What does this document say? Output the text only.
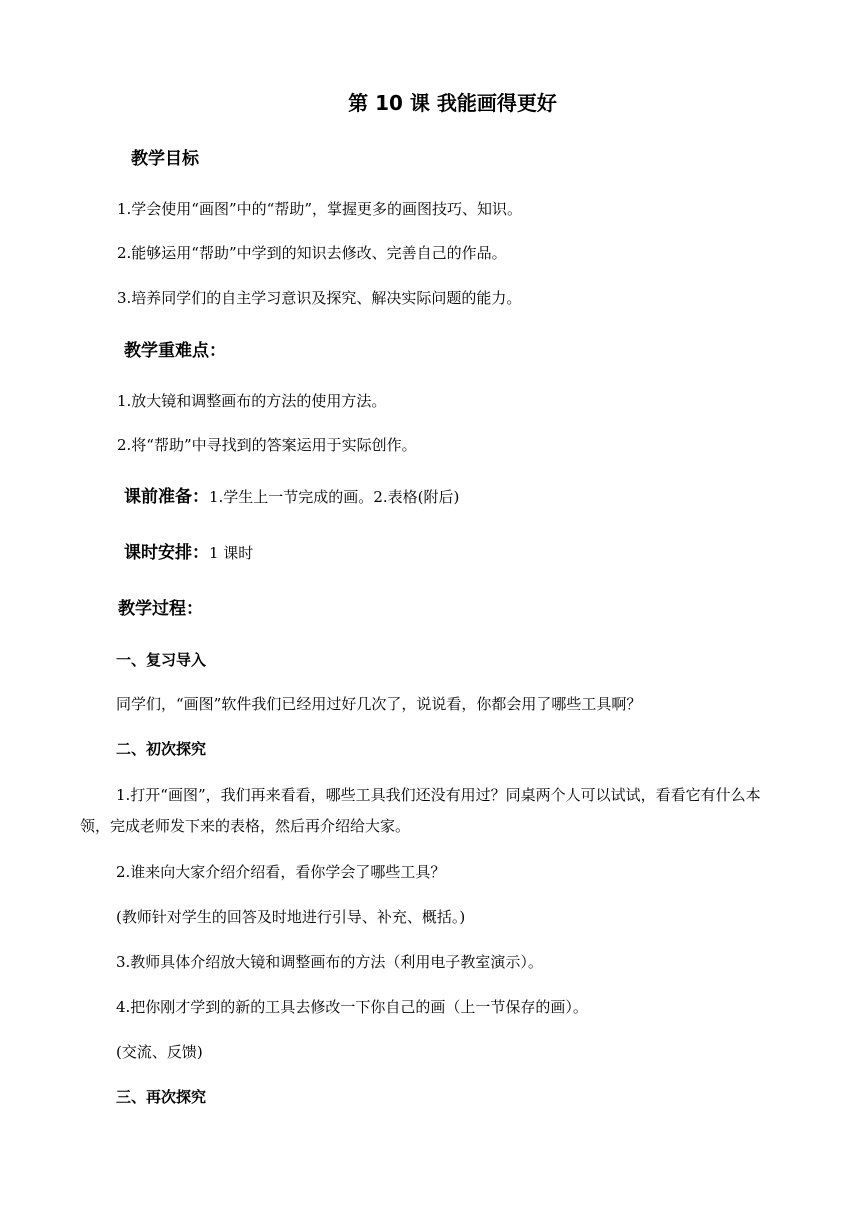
第 10 课 我能画得更好
教学目标
1.学会使用“画图”中的“帮助”，掌握更多的画图技巧、知识。
2.能够运用“帮助”中学到的知识去修改、完善自己的作品。
3.培养同学们的自主学习意识及探究、解决实际问题的能力。
教学重难点：
1.放大镜和调整画布的方法的使用方法。
2.将“帮助”中寻找到的答案运用于实际创作。
课前准备：1.学生上一节完成的画。2.表格(附后)
课时安排：1 课时
教学过程：
一、复习导入
同学们，“画图”软件我们已经用过好几次了，说说看，你都会用了哪些工具啊？
二、初次探究
1.打开“画图”，我们再来看看，哪些工具我们还没有用过？同桌两个人可以试试，看看它有什么本领，完成老师发下来的表格，然后再介绍给大家。
2.谁来向大家介绍介绍看，看你学会了哪些工具？
(教师针对学生的回答及时地进行引导、补充、概括。)
3.教师具体介绍放大镜和调整画布的方法（利用电子教室演示）。
4.把你刚才学到的新的工具去修改一下你自己的画（上一节保存的画）。
(交流、反馈)
三、再次探究
